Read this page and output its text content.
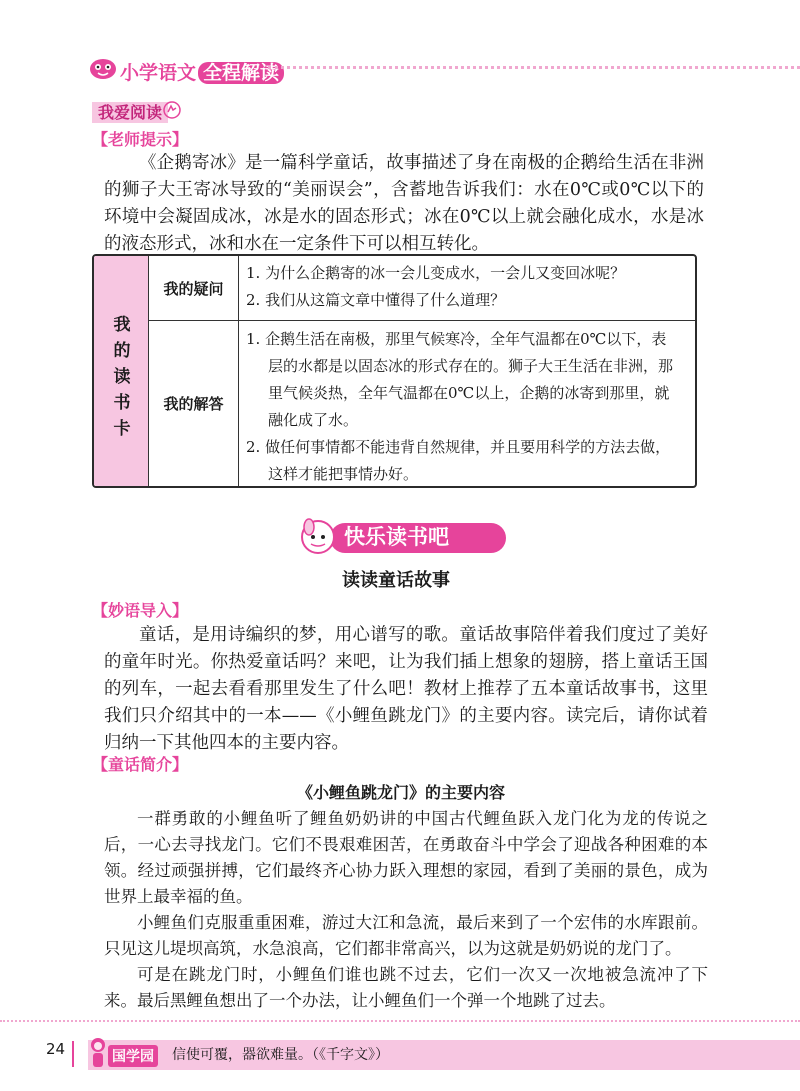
小学语文 全程解读
我爱阅读
【老师提示】

《企鹅寄冰》是一篇科学童话，故事描述了身在南极的企鹅给生活在非洲的狮子大王寄冰导致的“美丽误会”，含蓄地告诉我们：水在0℃或0℃以下的环境中会凝固成冰，冰是水的固态形式；冰在0℃以上就会融化成水，水是冰的液态形式，冰和水在一定条件下可以相互转化。

我的读书卡
我的疑问
我的解答
1. 为什么企鹅寄的冰一会儿变成水，一会儿又变回冰呢？
2. 我们从这篇文章中懂得了什么道理？
1. 企鹅生活在南极，那里气候寒冷，全年气温都在0℃以下，表层的水都是以固态冰的形式存在的。狮子大王生活在非洲，那里气候炎热，全年气温都在0℃以上，企鹅的冰寄到那里，就融化成了水。
2. 做任何事情都不能违背自然规律，并且要用科学的方法去做，这样才能把事情办好。
快乐读书吧
读读童话故事
【妙语导入】

童话，是用诗编织的梦，用心谱写的歌。童话故事陪伴着我们度过了美好的童年时光。你热爱童话吗？来吧，让为我们插上想象的翅膀，搭上童话王国的列车，一起去看看那里发生了什么吧！教材上推荐了五本童话故事书，这里我们只介绍其中的一本——《小鲤鱼跳龙门》的主要内容。读完后，请你试着归纳一下其他四本的主要内容。

【童话简介】
《小鲤鱼跳龙门》的主要内容

一群勇敢的小鲤鱼听了鲤鱼奶奶讲的中国古代鲤鱼跃入龙门化为龙的传说之后，一心去寻找龙门。它们不畏艰难困苦，在勇敢奋斗中学会了迎战各种困难的本领。经过顽强拼搏，它们最终齐心协力跃入理想的家园，看到了美丽的景色，成为世界上最幸福的鱼。

小鲤鱼们克服重重困难，游过大江和急流，最后来到了一个宏伟的水库跟前。只见这儿堤坝高筑，水急浪高，它们都非常高兴，以为这就是奶奶说的龙门了。

可是在跳龙门时，小鲤鱼们谁也跳不过去，它们一次又一次地被急流冲了下来。最后黑鲤鱼想出了一个办法，让小鲤鱼们一个弹一个地跳了过去。

24	国学园 信使可覆，器欲难量。（《千字文》）
